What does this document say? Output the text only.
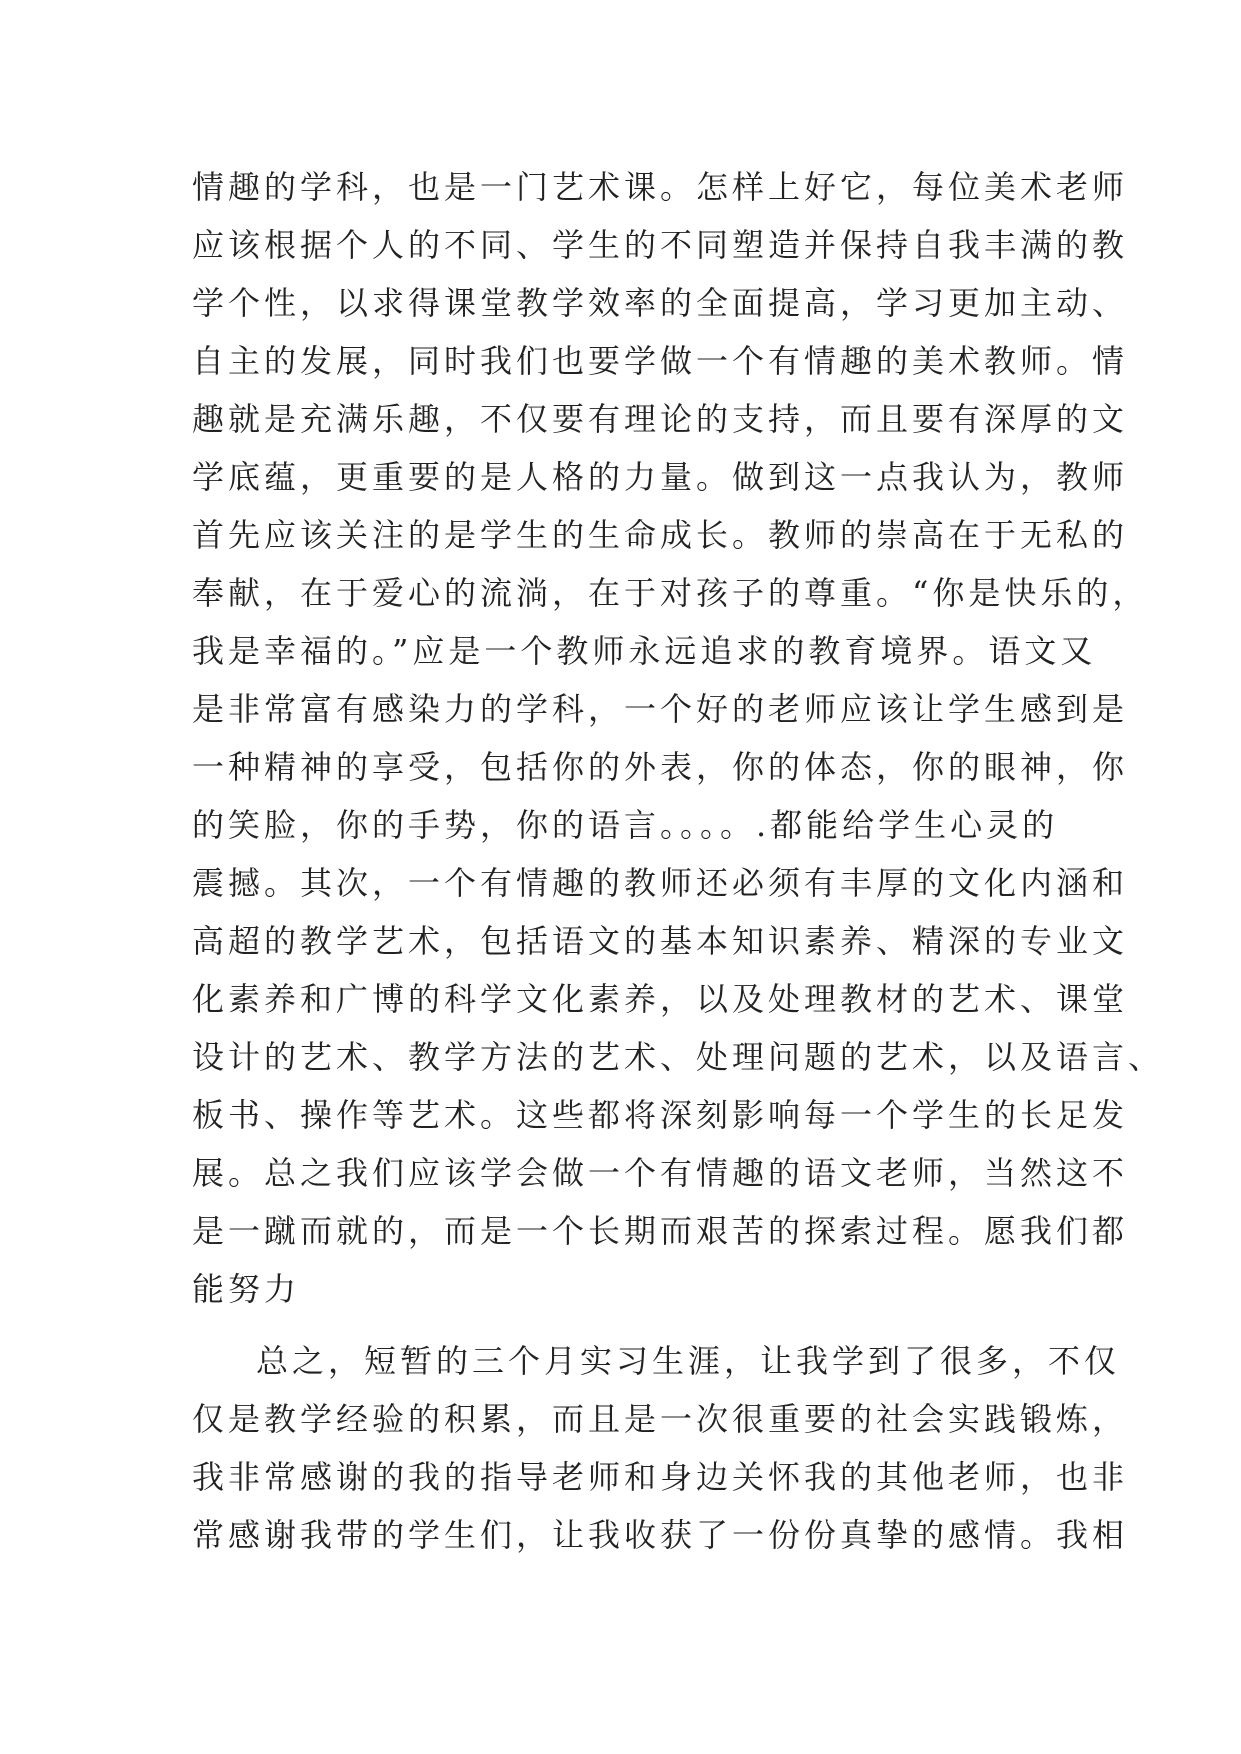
情趣的学科，也是一门艺术课。怎样上好它，每位美术老师
应该根据个人的不同、学生的不同塑造并保持自我丰满的教
学个性，以求得课堂教学效率的全面提高，学习更加主动、
自主的发展，同时我们也要学做一个有情趣的美术教师。情
趣就是充满乐趣，不仅要有理论的支持，而且要有深厚的文
学底蕴，更重要的是人格的力量。做到这一点我认为，教师
首先应该关注的是学生的生命成长。教师的崇高在于无私的
奉献，在于爱心的流淌，在于对孩子的尊重。“你是快乐的，
我是幸福的。”应是一个教师永远追求的教育境界。语文又
是非常富有感染力的学科，一个好的老师应该让学生感到是
一种精神的享受，包括你的外表，你的体态，你的眼神，你
的笑脸，你的手势，你的语言。。。。.都能给学生心灵的
震撼。其次，一个有情趣的教师还必须有丰厚的文化内涵和
高超的教学艺术，包括语文的基本知识素养、精深的专业文
化素养和广博的科学文化素养，以及处理教材的艺术、课堂
设计的艺术、教学方法的艺术、处理问题的艺术，以及语言、
板书、操作等艺术。这些都将深刻影响每一个学生的长足发
展。总之我们应该学会做一个有情趣的语文老师，当然这不
是一蹴而就的，而是一个长期而艰苦的探索过程。愿我们都
能努力
总之，短暂的三个月实习生涯，让我学到了很多，不仅
仅是教学经验的积累，而且是一次很重要的社会实践锻炼，
我非常感谢的我的指导老师和身边关怀我的其他老师，也非
常感谢我带的学生们，让我收获了一份份真挚的感情。我相
